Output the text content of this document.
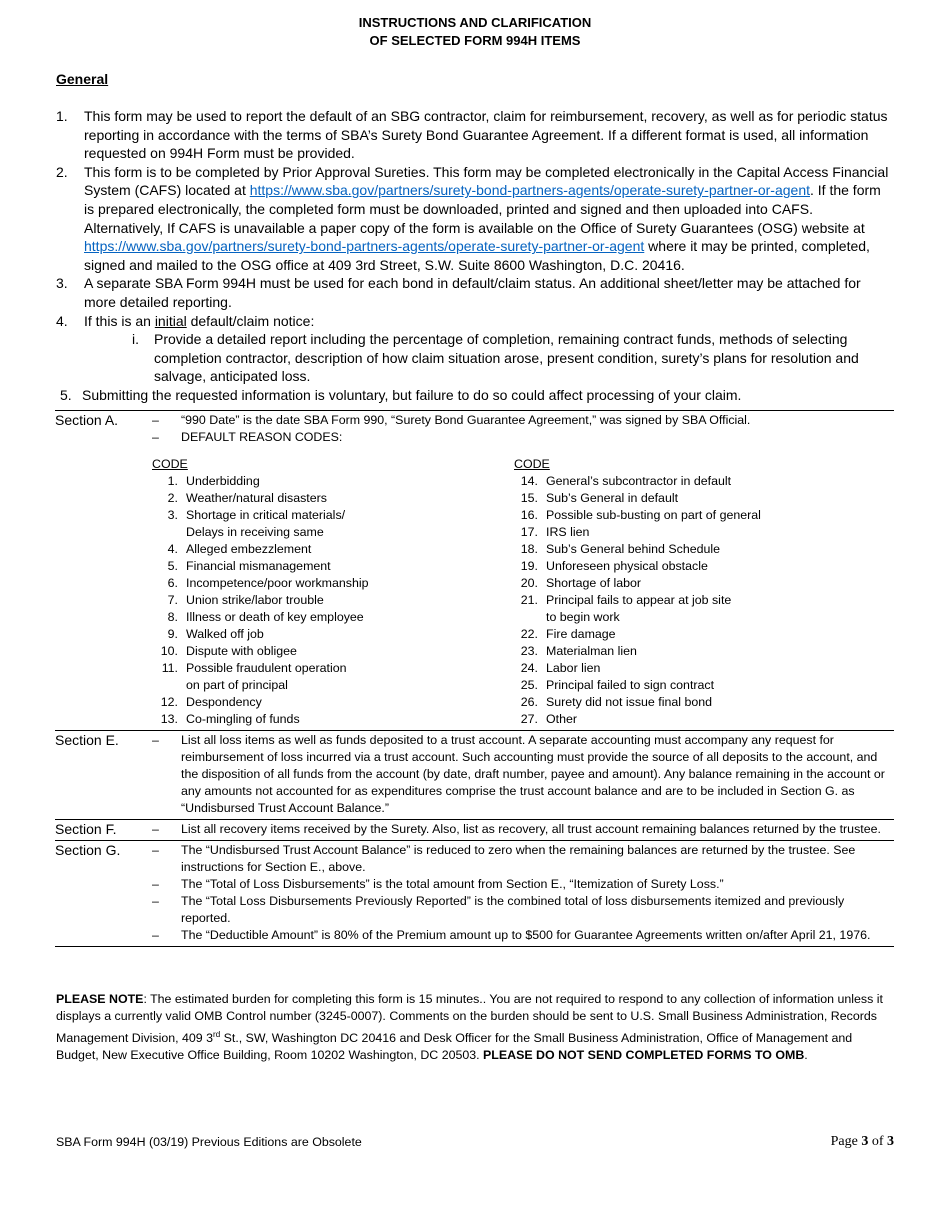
INSTRUCTIONS AND CLARIFICATION
OF SELECTED FORM 994H ITEMS
General
1.	This form may be used to report the default of an SBG contractor, claim for reimbursement, recovery, as well as for periodic status reporting in accordance with the terms of SBA’s Surety Bond Guarantee Agreement. If a different format is used, all information requested on 994H Form must be provided.
2.	This form is to be completed by Prior Approval Sureties. This form may be completed electronically in the Capital Access Financial System (CAFS) located at https://www.sba.gov/partners/surety-bond-partners-agents/operate-surety-partner-or-agent. If the form is prepared electronically, the completed form must be downloaded, printed and signed and then uploaded into CAFS. Alternatively, If CAFS is unavailable a paper copy of the form is available on the Office of Surety Guarantees (OSG) website at https://www.sba.gov/partners/surety-bond-partners-agents/operate-surety-partner-or-agent where it may be printed, completed, signed and mailed to the OSG office at 409 3rd Street, S.W. Suite 8600 Washington, D.C. 20416.
3.	A separate SBA Form 994H must be used for each bond in default/claim status. An additional sheet/letter may be attached for more detailed reporting.
4.	If this is an initial default/claim notice:
i.	Provide a detailed report including the percentage of completion, remaining contract funds, methods of selecting completion contractor, description of how claim situation arose, present condition, surety’s plans for resolution and salvage, anticipated loss.
5. Submitting the requested information is voluntary, but failure to do so could affect processing of your claim.
Section A.	–	“990 Date” is the date SBA Form 990, “Surety Bond Guarantee Agreement,” was signed by SBA Official.
–	DEFAULT REASON CODES:
CODE
1. Underbidding
2. Weather/natural disasters
3. Shortage in critical materials/
Delays in receiving same
4. Alleged embezzlement
5. Financial mismanagement
6. Incompetence/poor workmanship
7. Union strike/labor trouble
8. Illness or death of key employee
9. Walked off job
10. Dispute with obligee
11. Possible fraudulent operation
on part of principal
12. Despondency
13. Co-mingling of funds
CODE
14. General’s subcontractor in default
15. Sub’s General in default
16. Possible sub-busting on part of general
17. IRS lien
18. Sub’s General behind Schedule
19. Unforeseen physical obstacle
20. Shortage of labor
21. Principal fails to appear at job site
to begin work
22. Fire damage
23. Materialman lien
24. Labor lien
25. Principal failed to sign contract
26. Surety did not issue final bond
27. Other
Section E.	–	List all loss items as well as funds deposited to a trust account. A separate accounting must accompany any request for reimbursement of loss incurred via a trust account. Such accounting must provide the source of all deposits to the account, and the disposition of all funds from the account (by date, draft number, payee and amount). Any balance remaining in the account or any amounts not accounted for as expenditures comprise the trust account balance and are to be included in Section G. as “Undisbursed Trust Account Balance.”
Section F.	–	List all recovery items received by the Surety. Also, list as recovery, all trust account remaining balances returned by the trustee.
Section G.	–	The “Undisbursed Trust Account Balance” is reduced to zero when the remaining balances are returned by the trustee. See instructions for Section E., above.
–	The “Total of Loss Disbursements” is the total amount from Section E., “Itemization of Surety Loss.”
–	The “Total Loss Disbursements Previously Reported” is the combined total of loss disbursements itemized and previously reported.
–	The “Deductible Amount” is 80% of the Premium amount up to $500 for Guarantee Agreements written on/after April 21, 1976.
PLEASE NOTE: The estimated burden for completing this form is 15 minutes.. You are not required to respond to any collection of information unless it displays a currently valid OMB Control number (3245-0007). Comments on the burden should be sent to U.S. Small Business Administration, Records Management Division, 409 3rd St., SW, Washington DC 20416 and Desk Officer for the Small Business Administration, Office of Management and Budget, New Executive Office Building, Room 10202 Washington, DC 20503. PLEASE DO NOT SEND COMPLETED FORMS TO OMB.
SBA Form 994H (03/19) Previous Editions are Obsolete	Page 3 of 3
